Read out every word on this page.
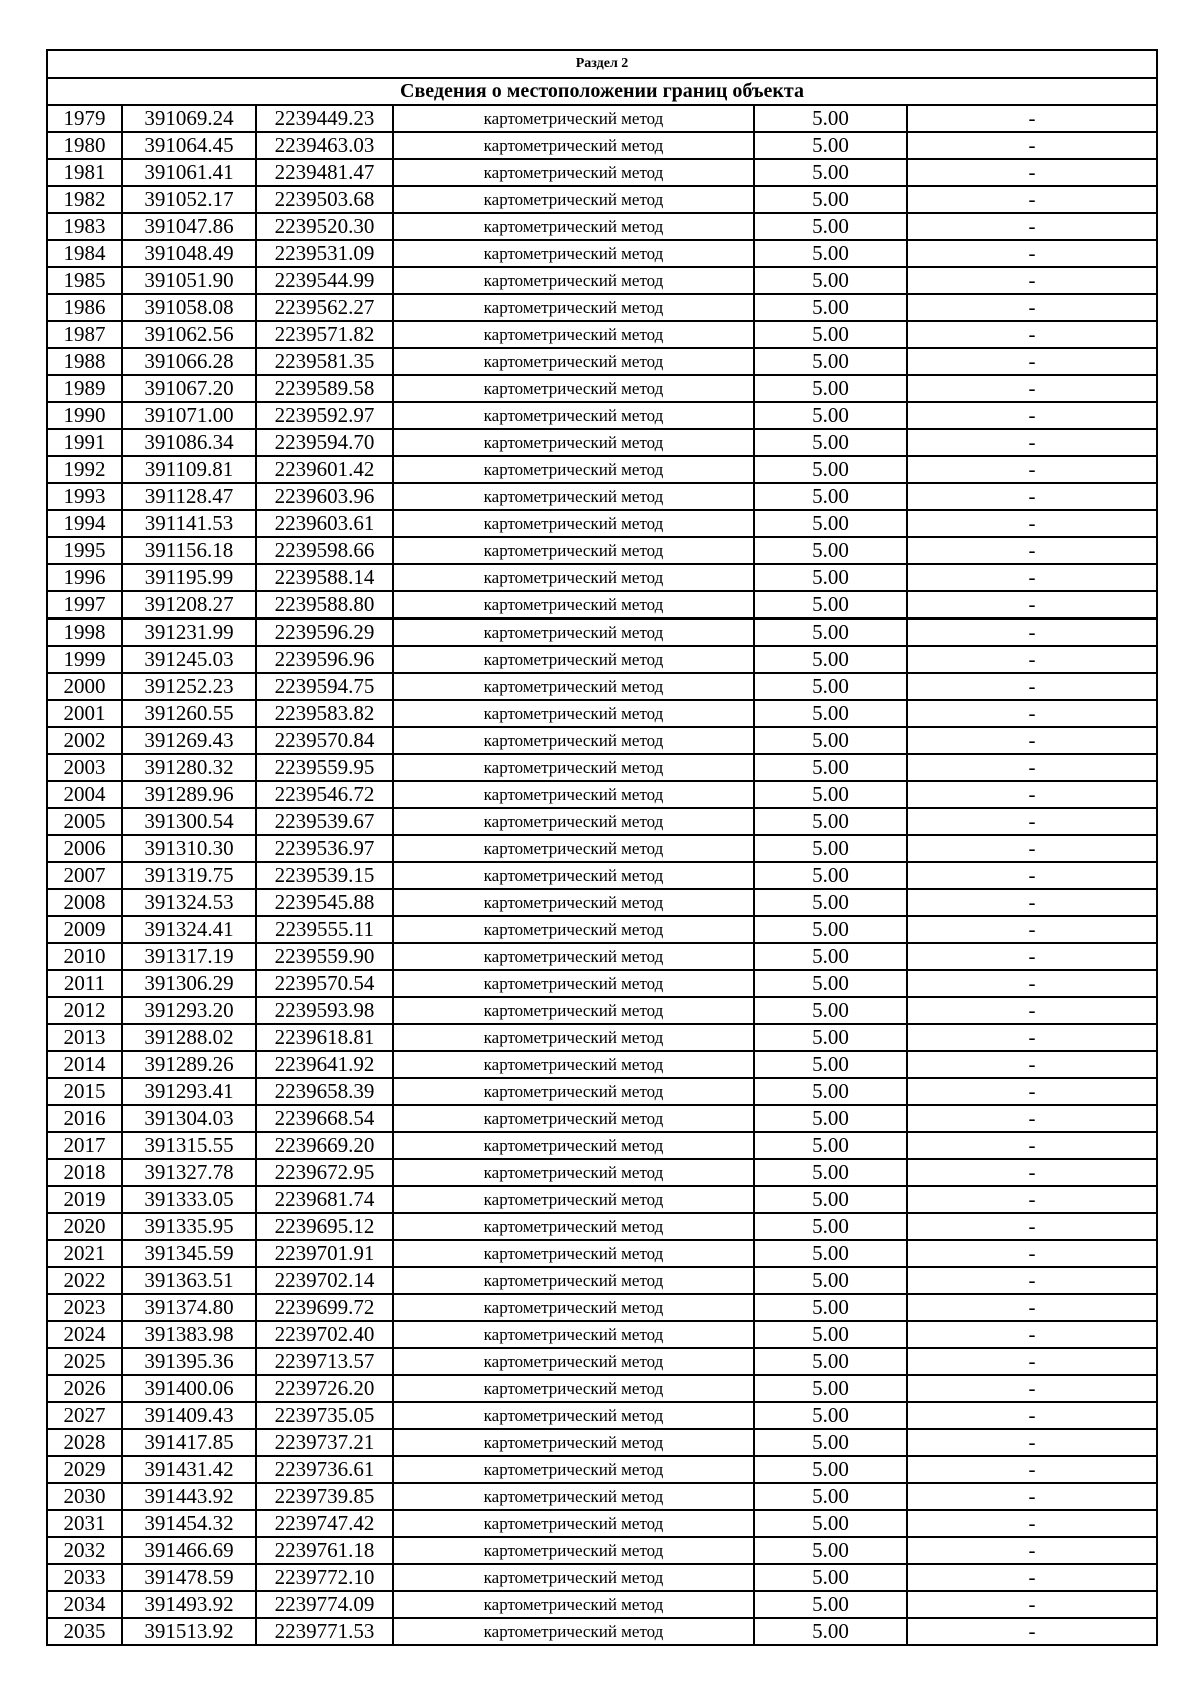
Раздел 2					
Сведения о местоположении границ объекта					
1979	391069.24	2239449.23	картометрический метод	5.00	-
1980	391064.45	2239463.03	картометрический метод	5.00	-
1981	391061.41	2239481.47	картометрический метод	5.00	-
1982	391052.17	2239503.68	картометрический метод	5.00	-
1983	391047.86	2239520.30	картометрический метод	5.00	-
1984	391048.49	2239531.09	картометрический метод	5.00	-
1985	391051.90	2239544.99	картометрический метод	5.00	-
1986	391058.08	2239562.27	картометрический метод	5.00	-
1987	391062.56	2239571.82	картометрический метод	5.00	-
1988	391066.28	2239581.35	картометрический метод	5.00	-
1989	391067.20	2239589.58	картометрический метод	5.00	-
1990	391071.00	2239592.97	картометрический метод	5.00	-
1991	391086.34	2239594.70	картометрический метод	5.00	-
1992	391109.81	2239601.42	картометрический метод	5.00	-
1993	391128.47	2239603.96	картометрический метод	5.00	-
1994	391141.53	2239603.61	картометрический метод	5.00	-
1995	391156.18	2239598.66	картометрический метод	5.00	-
1996	391195.99	2239588.14	картометрический метод	5.00	-
1997	391208.27	2239588.80	картометрический метод	5.00	-
1998	391231.99	2239596.29	картометрический метод	5.00	-
1999	391245.03	2239596.96	картометрический метод	5.00	-
2000	391252.23	2239594.75	картометрический метод	5.00	-
2001	391260.55	2239583.82	картометрический метод	5.00	-
2002	391269.43	2239570.84	картометрический метод	5.00	-
2003	391280.32	2239559.95	картометрический метод	5.00	-
2004	391289.96	2239546.72	картометрический метод	5.00	-
2005	391300.54	2239539.67	картометрический метод	5.00	-
2006	391310.30	2239536.97	картометрический метод	5.00	-
2007	391319.75	2239539.15	картометрический метод	5.00	-
2008	391324.53	2239545.88	картометрический метод	5.00	-
2009	391324.41	2239555.11	картометрический метод	5.00	-
2010	391317.19	2239559.90	картометрический метод	5.00	-
2011	391306.29	2239570.54	картометрический метод	5.00	-
2012	391293.20	2239593.98	картометрический метод	5.00	-
2013	391288.02	2239618.81	картометрический метод	5.00	-
2014	391289.26	2239641.92	картометрический метод	5.00	-
2015	391293.41	2239658.39	картометрический метод	5.00	-
2016	391304.03	2239668.54	картометрический метод	5.00	-
2017	391315.55	2239669.20	картометрический метод	5.00	-
2018	391327.78	2239672.95	картометрический метод	5.00	-
2019	391333.05	2239681.74	картометрический метод	5.00	-
2020	391335.95	2239695.12	картометрический метод	5.00	-
2021	391345.59	2239701.91	картометрический метод	5.00	-
2022	391363.51	2239702.14	картометрический метод	5.00	-
2023	391374.80	2239699.72	картометрический метод	5.00	-
2024	391383.98	2239702.40	картометрический метод	5.00	-
2025	391395.36	2239713.57	картометрический метод	5.00	-
2026	391400.06	2239726.20	картометрический метод	5.00	-
2027	391409.43	2239735.05	картометрический метод	5.00	-
2028	391417.85	2239737.21	картометрический метод	5.00	-
2029	391431.42	2239736.61	картометрический метод	5.00	-
2030	391443.92	2239739.85	картометрический метод	5.00	-
2031	391454.32	2239747.42	картометрический метод	5.00	-
2032	391466.69	2239761.18	картометрический метод	5.00	-
2033	391478.59	2239772.10	картометрический метод	5.00	-
2034	391493.92	2239774.09	картометрический метод	5.00	-
2035	391513.92	2239771.53	картометрический метод	5.00	-
